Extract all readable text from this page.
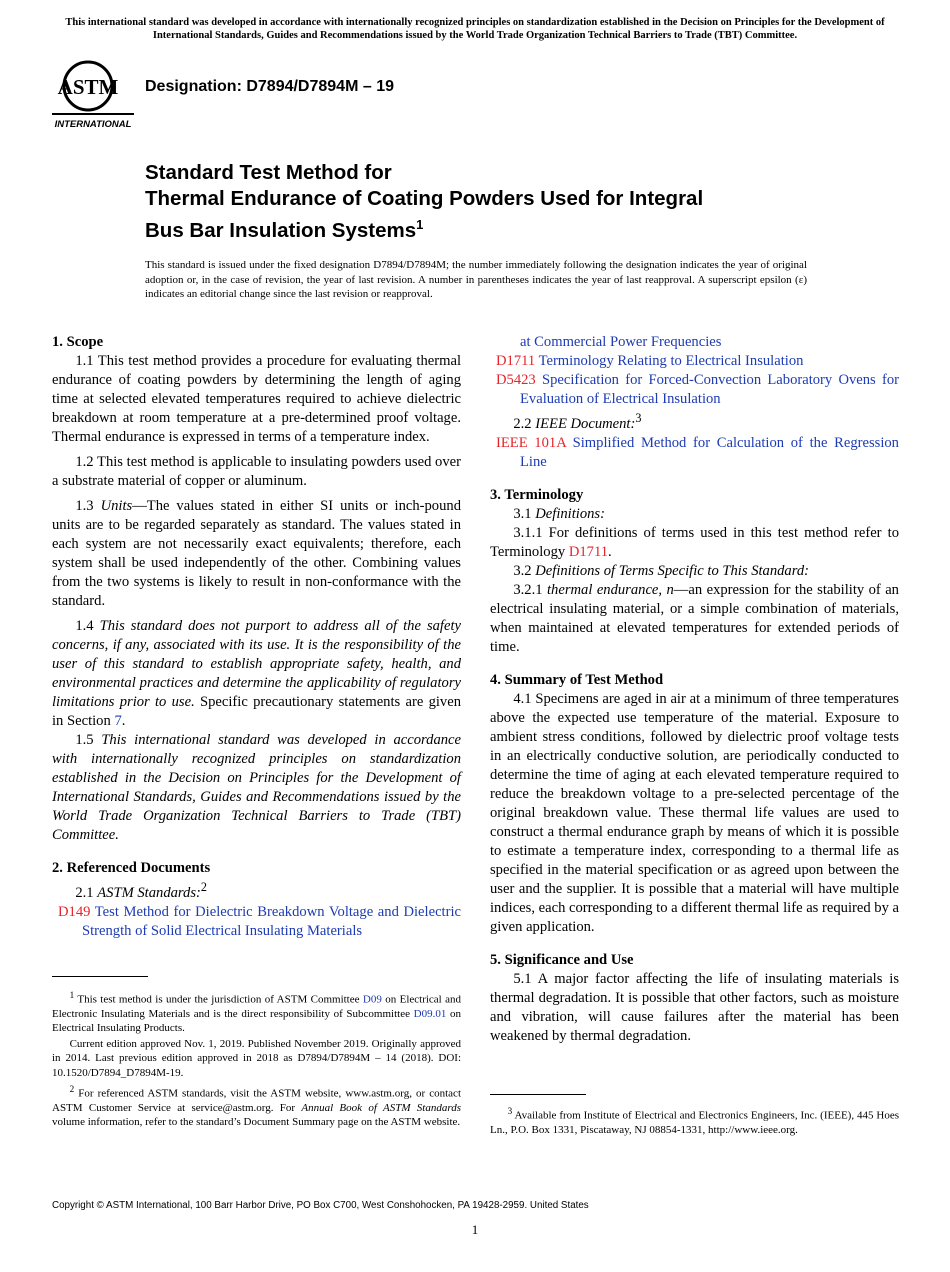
This international standard was developed in accordance with internationally recognized principles on standardization established in the Decision on Principles for the Development of International Standards, Guides and Recommendations issued by the World Trade Organization Technical Barriers to Trade (TBT) Committee.
ASTM
INTERNATIONAL
Designation: D7894/D7894M – 19
Standard Test Method for
Thermal Endurance of Coating Powders Used for Integral
Bus Bar Insulation Systems$^1$
This standard is issued under the fixed designation D7894/D7894M; the number immediately following the designation indicates the year of original adoption or, in the case of revision, the year of last revision. A number in parentheses indicates the year of last reapproval. A superscript epsilon (ε) indicates an editorial change since the last revision or reapproval.

1. Scope

1.1 This test method provides a procedure for evaluating thermal endurance of coating powders by determining the length of aging time at selected elevated temperatures required to achieve dielectric breakdown at room temperature at a pre-determined proof voltage. Thermal endurance is expressed in terms of a temperature index.

1.2 This test method is applicable to insulating powders used over a substrate material of copper or aluminum.

1.3 Units—The values stated in either SI units or inch-pound units are to be regarded separately as standard. The values stated in each system are not necessarily exact equivalents; therefore, each system shall be used independently of the other. Combining values from the two systems is likely to result in non-conformance with the standard.

1.4 This standard does not purport to address all of the safety concerns, if any, associated with its use. It is the responsibility of the user of this standard to establish appropriate safety, health, and environmental practices and determine the applicability of regulatory limitations prior to use. Specific precautionary statements are given in Section 7.

1.5 This international standard was developed in accordance with internationally recognized principles on standardization established in the Decision on Principles for the Development of International Standards, Guides and Recommendations issued by the World Trade Organization Technical Barriers to Trade (TBT) Committee.

2. Referenced Documents

2.1 ASTM Standards:$^2$

D149 Test Method for Dielectric Breakdown Voltage and Dielectric Strength of Solid Electrical Insulating Materials

$^1$ This test method is under the jurisdiction of ASTM Committee D09 on Electrical and Electronic Insulating Materials and is the direct responsibility of Subcommittee D09.01 on Electrical Insulating Products.

Current edition approved Nov. 1, 2019. Published November 2019. Originally approved in 2014. Last previous edition approved in 2018 as D7894/D7894M – 14 (2018). DOI: 10.1520/D7894_D7894M-19.

$^2$ For referenced ASTM standards, visit the ASTM website, www.astm.org, or contact ASTM Customer Service at service@astm.org. For Annual Book of ASTM Standards volume information, refer to the standard’s Document Summary page on the ASTM website.

at Commercial Power Frequencies

D1711 Terminology Relating to Electrical Insulation

D5423 Specification for Forced-Convection Laboratory Ovens for Evaluation of Electrical Insulation

2.2 IEEE Document:$^3$

IEEE 101A Simplified Method for Calculation of the Regression Line

3. Terminology

3.1 Definitions:

3.1.1 For definitions of terms used in this test method refer to Terminology D1711.

3.2 Definitions of Terms Specific to This Standard:

3.2.1 thermal endurance, n—an expression for the stability of an electrical insulating material, or a simple combination of materials, when maintained at elevated temperatures for extended periods of time.

4. Summary of Test Method

4.1 Specimens are aged in air at a minimum of three temperatures above the expected use temperature of the material. Exposure to ambient stress conditions, followed by dielectric proof voltage tests in an electrically conductive solution, are periodically conducted to determine the time of aging at each elevated temperature required to reduce the breakdown voltage to a pre-selected percentage of the original breakdown value. These thermal life values are used to construct a thermal endurance graph by means of which it is possible to estimate a temperature index, corresponding to a thermal life as specified in the material specification or as agreed upon between the user and the supplier. It is possible that a material will have multiple indices, each corresponding to a different thermal life as required by a given application.

5. Significance and Use

5.1 A major factor affecting the life of insulating materials is thermal degradation. It is possible that other factors, such as moisture and vibration, will cause failures after the material has been weakened by thermal degradation.

$^3$ Available from Institute of Electrical and Electronics Engineers, Inc. (IEEE), 445 Hoes Ln., P.O. Box 1331, Piscataway, NJ 08854-1331, http://www.ieee.org.

Copyright © ASTM International, 100 Barr Harbor Drive, PO Box C700, West Conshohocken, PA 19428-2959. United States
1
